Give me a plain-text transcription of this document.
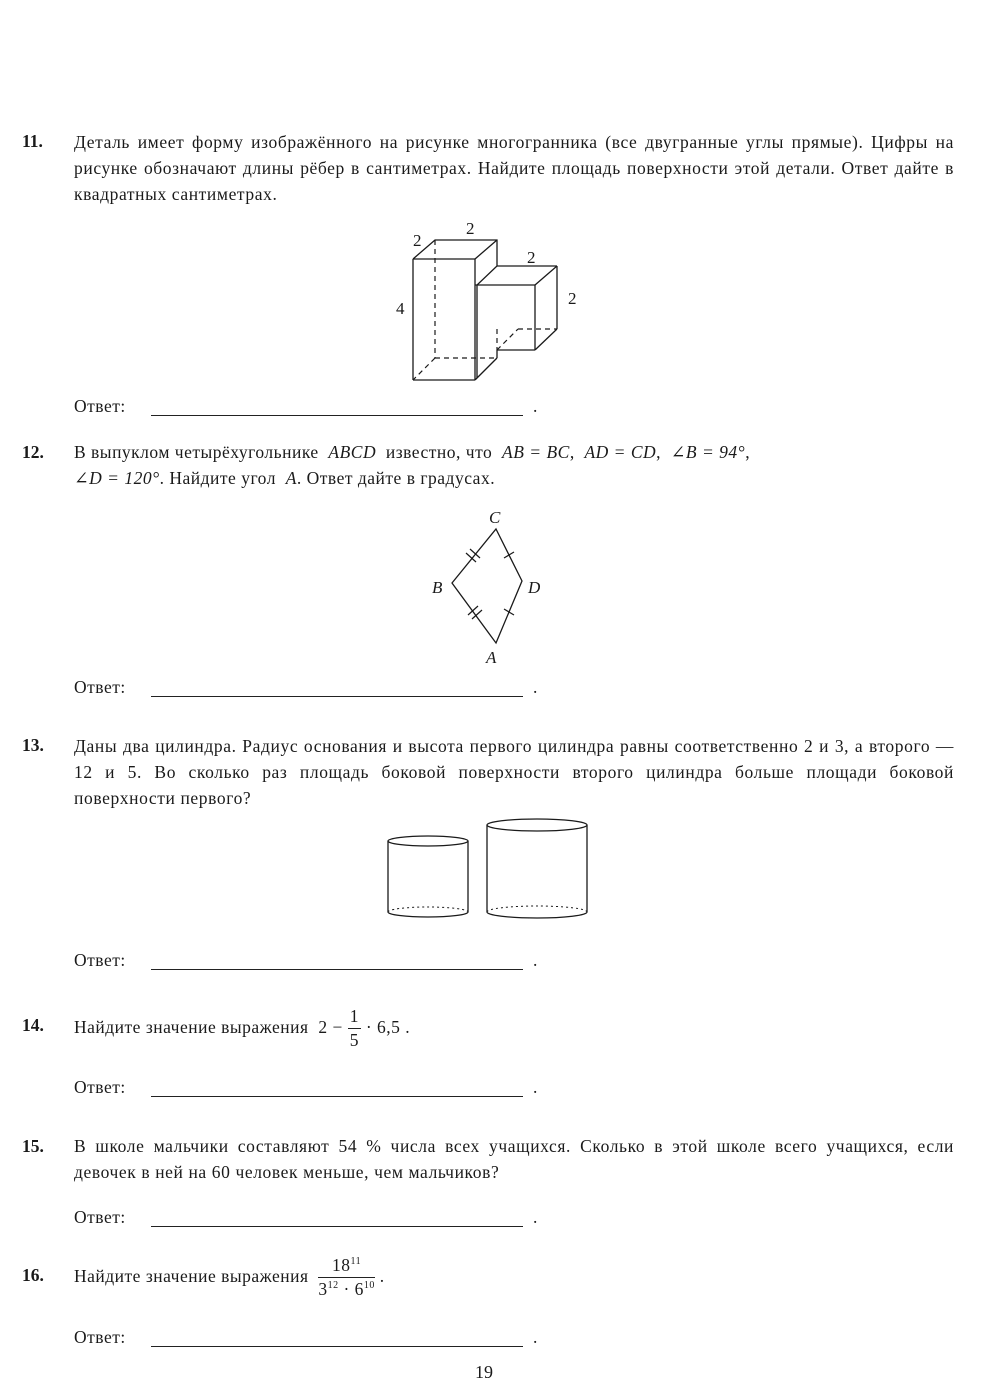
11. Деталь имеет форму изображённого на рисунке многогранника (все двугранные углы прямые). Цифры на рисунке обозначают длины рёбер в сантиметрах. Найдите площадь поверхности этой детали. Ответ дайте в квадратных сантиметрах.
2
2
2
2
4
Ответ:	.
12. В выпуклом четырёхугольнике ABCD известно, что AB = BC,  AD = CD,  ∠B = 94°,
∠D = 120°. Найдите угол A. Ответ дайте в градусах.
C
B	D
A
Ответ:	.
13. Даны два цилиндра. Радиус основания и высота первого цилиндра равны соответственно 2 и 3, а второго — 12 и 5. Во сколько раз площадь боковой поверхности второго цилиндра больше площади боковой поверхности первого?
Ответ:	.
14. Найдите значение выражения $2 - \frac{1}{5} \cdot 6,5$ .
Ответ:	.
15. В школе мальчики составляют 54 % числа всех учащихся. Сколько в этой школе всего учащихся, если девочек в ней на 60 человек меньше, чем мальчиков?
Ответ:	.
16. Найдите значение выражения $\frac{18^{11}}{3^{12} \cdot 6^{10}}$ .
Ответ:	.
19
